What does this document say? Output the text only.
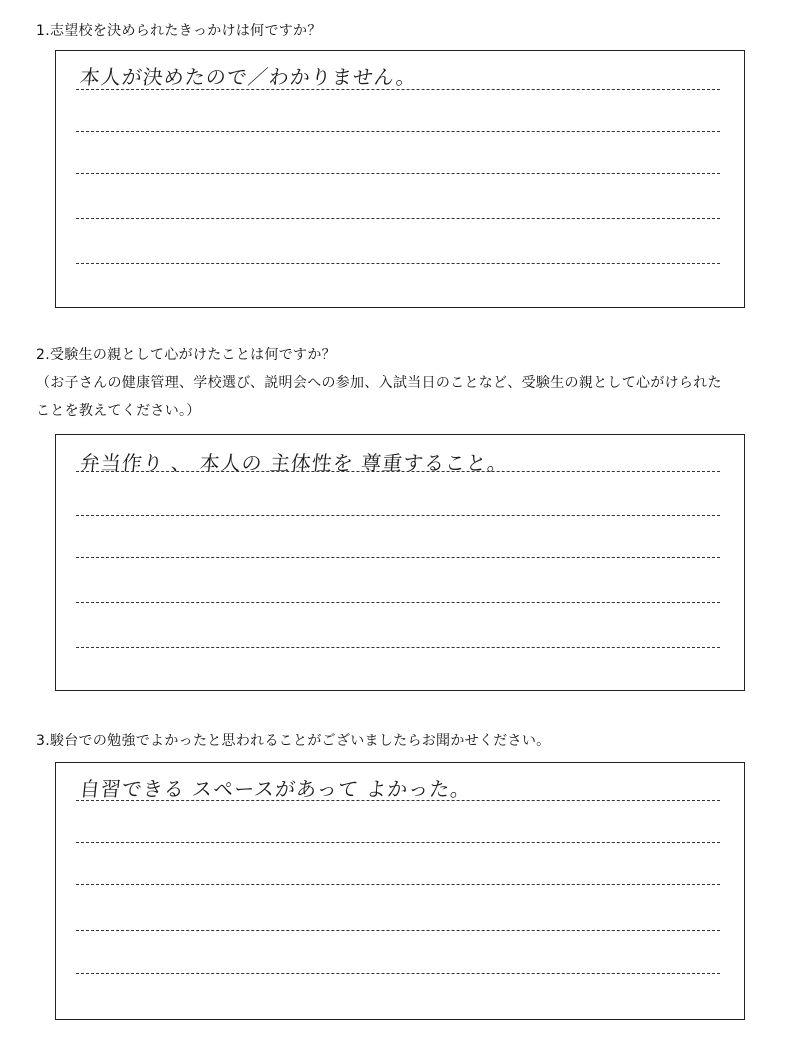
1.志望校を決められたきっかけは何ですか？
本人が決めたので／わかりません。
2.受験生の親として心がけたことは何ですか？
（お子さんの健康管理、学校選び、説明会への参加、入試当日のことなど、受験生の親として心がけられた
ことを教えてください。）
弁当作り 、 本人の 主体性を 尊重すること。
3.駿台での勉強でよかったと思われることがございましたらお聞かせください。
自習できる スペースがあって よかった。
